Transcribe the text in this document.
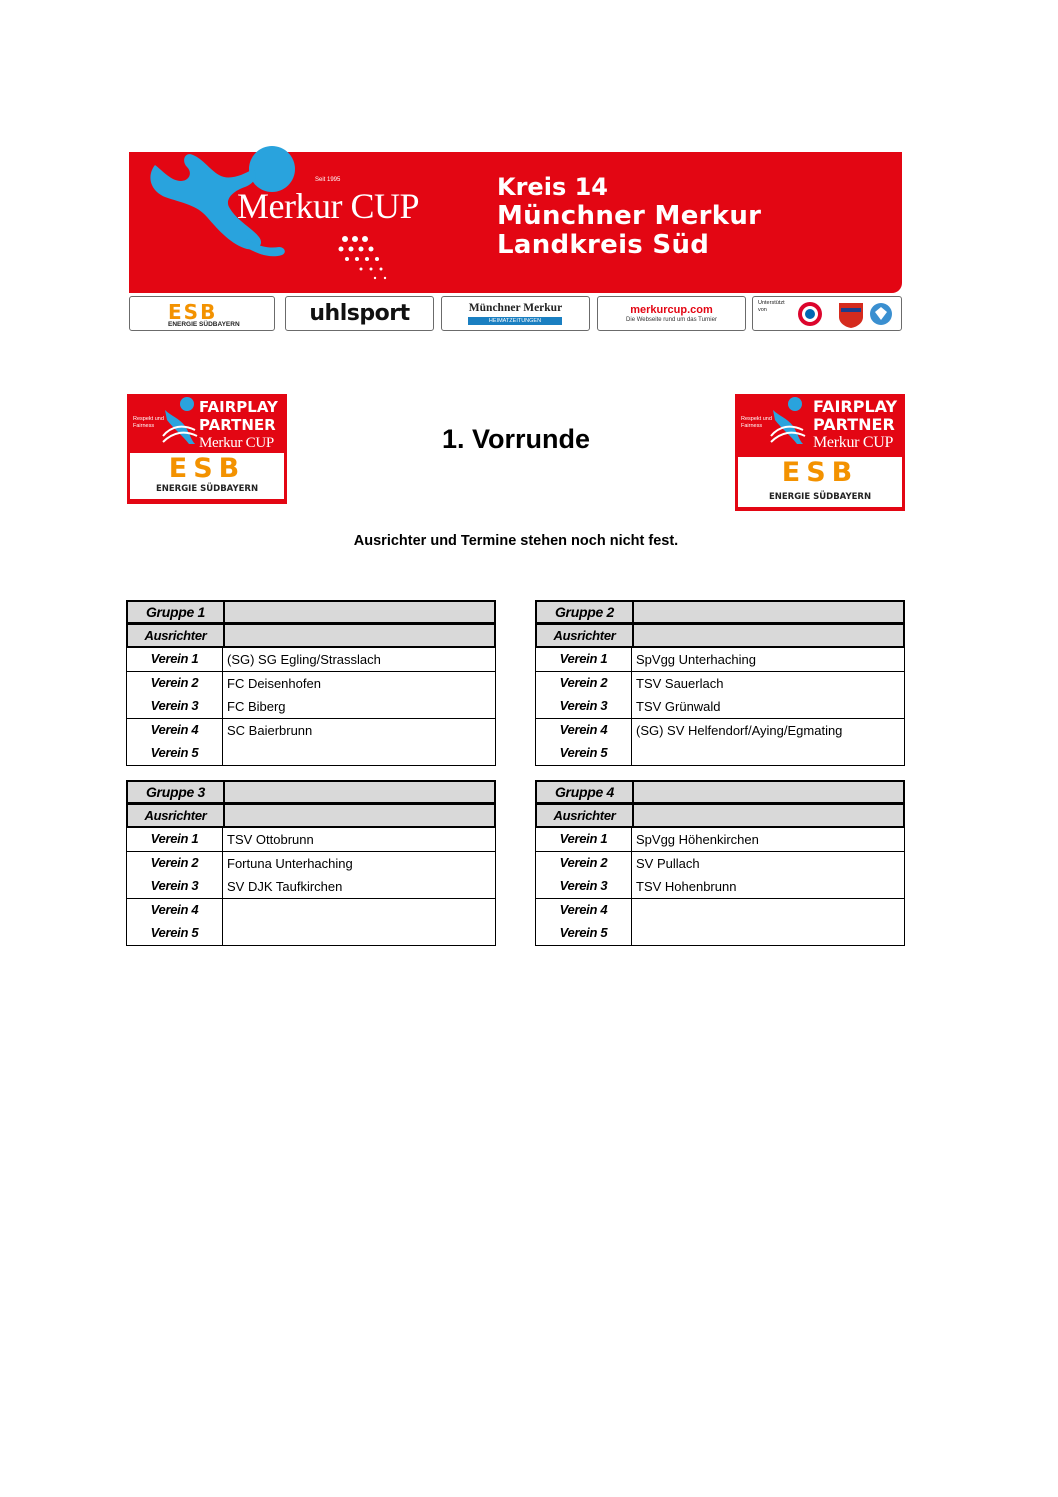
Seit 1995
Merkur CUP	Kreis 14
Münchner Merkur
Landkreis Süd
ESB
ENERGIE SÜDBAYERN	uhlsport	Münchner Merkur
HEIMATZEITUNGEN
merkurcup.com
Die Webseite rund um das Turnier
Unterstützt von
Respekt und Fairness
FAIRPLAY
PARTNER
Merkur CUP
ESB
ENERGIE SÜDBAYERN
Respekt und Fairness
FAIRPLAY
PARTNER
Merkur CUP
ESB
ENERGIE SÜDBAYERN
1. Vorrunde
Ausrichter und Termine stehen noch nicht fest.
Gruppe 1
Ausrichter
Verein 1	(SG) SG Egling/Strasslach
Verein 2	FC Deisenhofen
Verein 3	FC Biberg
Verein 4	SC Baierbrunn
Verein 5
Gruppe 2
Ausrichter
Verein 1	SpVgg Unterhaching
Verein 2	TSV Sauerlach
Verein 3	TSV Grünwald
Verein 4	(SG) SV Helfendorf/Aying/Egmating
Verein 5
Gruppe 3
Ausrichter
Verein 1	TSV Ottobrunn
Verein 2	Fortuna Unterhaching
Verein 3	SV DJK Taufkirchen
Verein 4
Verein 5
Gruppe 4
Ausrichter
Verein 1	SpVgg Höhenkirchen
Verein 2	SV Pullach
Verein 3	TSV Hohenbrunn
Verein 4
Verein 5
